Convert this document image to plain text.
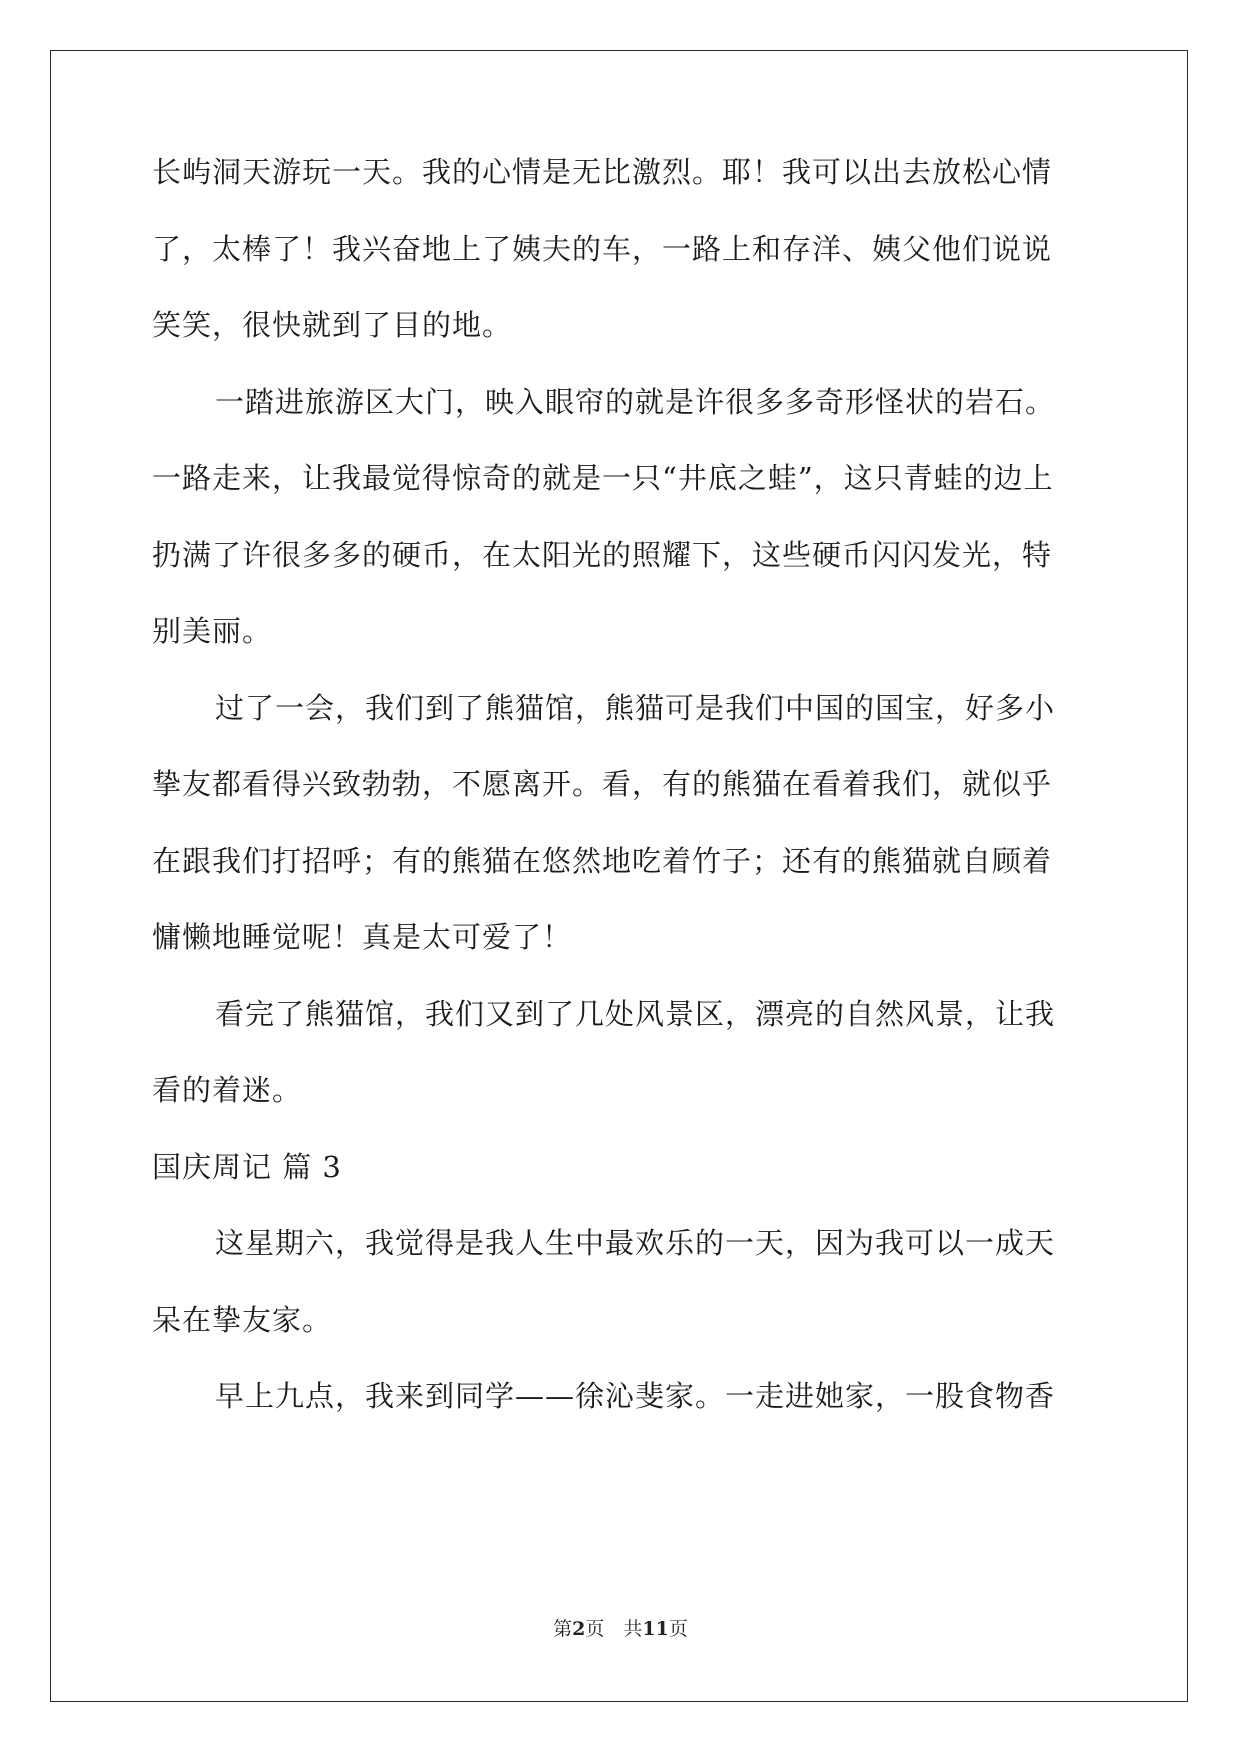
长屿洞天游玩一天。我的心情是无比激烈。耶！我可以出去放松心情
了，太棒了！我兴奋地上了姨夫的车，一路上和存洋、姨父他们说说
笑笑，很快就到了目的地。
一踏进旅游区大门，映入眼帘的就是许很多多奇形怪状的岩石。
一路走来，让我最觉得惊奇的就是一只“井底之蛙”，这只青蛙的边上
扔满了许很多多的硬币，在太阳光的照耀下，这些硬币闪闪发光，特
别美丽。
过了一会，我们到了熊猫馆，熊猫可是我们中国的国宝，好多小
挚友都看得兴致勃勃，不愿离开。看，有的熊猫在看着我们，就似乎
在跟我们打招呼；有的熊猫在悠然地吃着竹子；还有的熊猫就自顾着
慵懒地睡觉呢！真是太可爱了！
看完了熊猫馆，我们又到了几处风景区，漂亮的自然风景，让我
看的着迷。
国庆周记 篇 3
这星期六，我觉得是我人生中最欢乐的一天，因为我可以一成天
呆在挚友家。
早上九点，我来到同学——徐沁斐家。一走进她家，一股食物香
第2页　共11页
